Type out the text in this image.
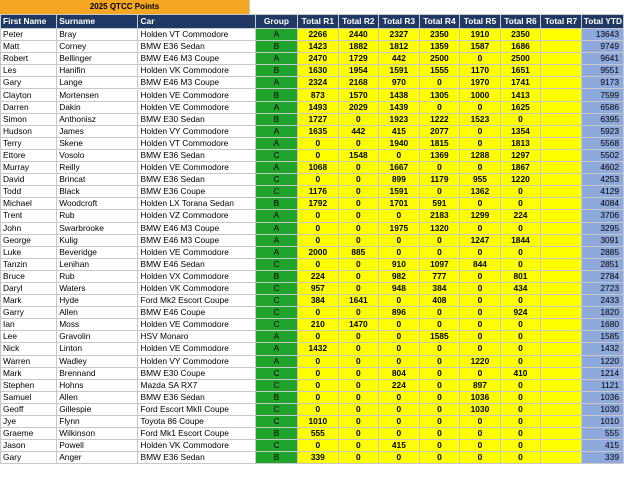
2025 QTCC Points
First Name	Surname	Car	Group	Total R1	Total R2	Total R3	Total R4	Total R5	Total R6	Total R7	Total YTD
Peter	Bray	Holden VT Commodore	A	2266	2440	2327	2350	1910	2350		13643
Matt	Corney	BMW E36 Sedan	B	1423	1882	1812	1359	1587	1686		9749
Robert	Bellinger	BMW E46 M3 Coupe	A	2470	1729	442	2500	0	2500		9641
Les	Hanifin	Holden VK Commodore	B	1630	1954	1591	1555	1170	1651		9551
Gary	Lange	BMW E46 M3 Coupe	A	2324	2168	970	0	1970	1741		9173
Clayton	Mortensen	Holden VE Commodore	B	873	1570	1438	1305	1000	1413		7599
Darren	Dakin	Holden VE Commodore	A	1493	2029	1439	0	0	1625		6586
Simon	Anthonisz	BMW E30 Sedan	B	1727	0	1923	1222	1523	0		6395
Hudson	James	Holden VY Commodore	A	1635	442	415	2077	0	1354		5923
Terry	Skene	Holden VT Commodore	A	0	0	1940	1815	0	1813		5568
Ettore	Vosolo	BMW E36 Sedan	C	0	1548	0	1369	1288	1297		5502
Murray	Reilly	Holden VE Commodore	A	1068	0	1667	0	0	1867		4602
David	Brincat	BMW E36 Sedan	C	0	0	899	1179	955	1220		4253
Todd	Black	BMW E36 Coupe	C	1176	0	1591	0	1362	0		4129
Michael	Woodcroft	Holden LX Torana Sedan	B	1792	0	1701	591	0	0		4084
Trent	Rub	Holden VZ Commodore	A	0	0	0	2183	1299	224		3706
John	Swarbrooke	BMW E46 M3 Coupe	A	0	0	1975	1320	0	0		3295
George	Kulig	BMW E46 M3 Coupe	A	0	0	0	0	1247	1844		3091
Luke	Beveridge	Holden VE Commodore	A	2000	885	0	0	0	0		2885
Tanzin	Lenihan	BMW E46 Sedan	C	0	0	910	1097	844	0		2851
Bruce	Rub	Holden VX Commodore	B	224	0	982	777	0	801		2784
Daryl	Waters	Holden VK Commodore	C	957	0	948	384	0	434		2723
Mark	Hyde	Ford Mk2 Escort Coupe	C	384	1641	0	408	0	0		2433
Garry	Allen	BMW E46 Coupe	C	0	0	896	0	0	924		1820
Ian	Moss	Holden VE Commodore	C	210	1470	0	0	0	0		1680
Lee	Gravolin	HSV Monaro	A	0	0	0	1585	0	0		1585
Nick	Linton	Holden VE Commodore	A	1432	0	0	0	0	0		1432
Warren	Wadley	Holden VY Commodore	A	0	0	0	0	1220	0		1220
Mark	Brennand	BMW E30 Coupe	C	0	0	804	0	0	410		1214
Stephen	Hohns	Mazda SA RX7	C	0	0	224	0	897	0		1121
Samuel	Allen	BMW E36 Sedan	B	0	0	0	0	1036	0		1036
Geoff	Gillespie	Ford Escort MkII Coupe	C	0	0	0	0	1030	0		1030
Jye	Flynn	Toyota 86 Coupe	C	1010	0	0	0	0	0		1010
Graeme	Wilkinson	Ford Mk1 Escort Coupe	B	555	0	0	0	0	0		555
Jason	Powell	Holden VK Commodore	C	0	0	415	0	0	0		415
Gary	Anger	BMW E36 Sedan	B	339	0	0	0	0	0		339
